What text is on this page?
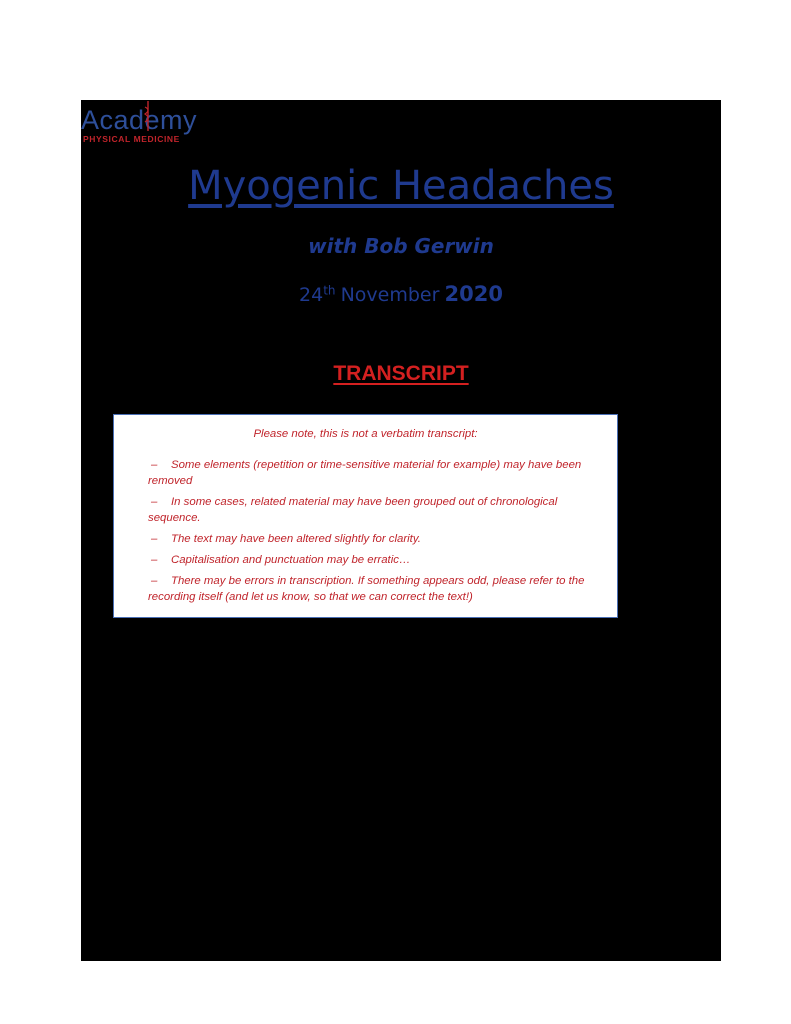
Academy
PHYSICAL MEDICINE
Myogenic Headaches
with Bob Gerwin
24th November 2020
TRANSCRIPT
Please note, this is not a verbatim transcript:
– Some elements (repetition or time-sensitive material for example) may have been removed
– In some cases, related material may have been grouped out of chronological sequence.
– The text may have been altered slightly for clarity.
– Capitalisation and punctuation may be erratic…
– There may be errors in transcription. If something appears odd, please refer to the recording itself (and let us know, so that we can correct the text!)
